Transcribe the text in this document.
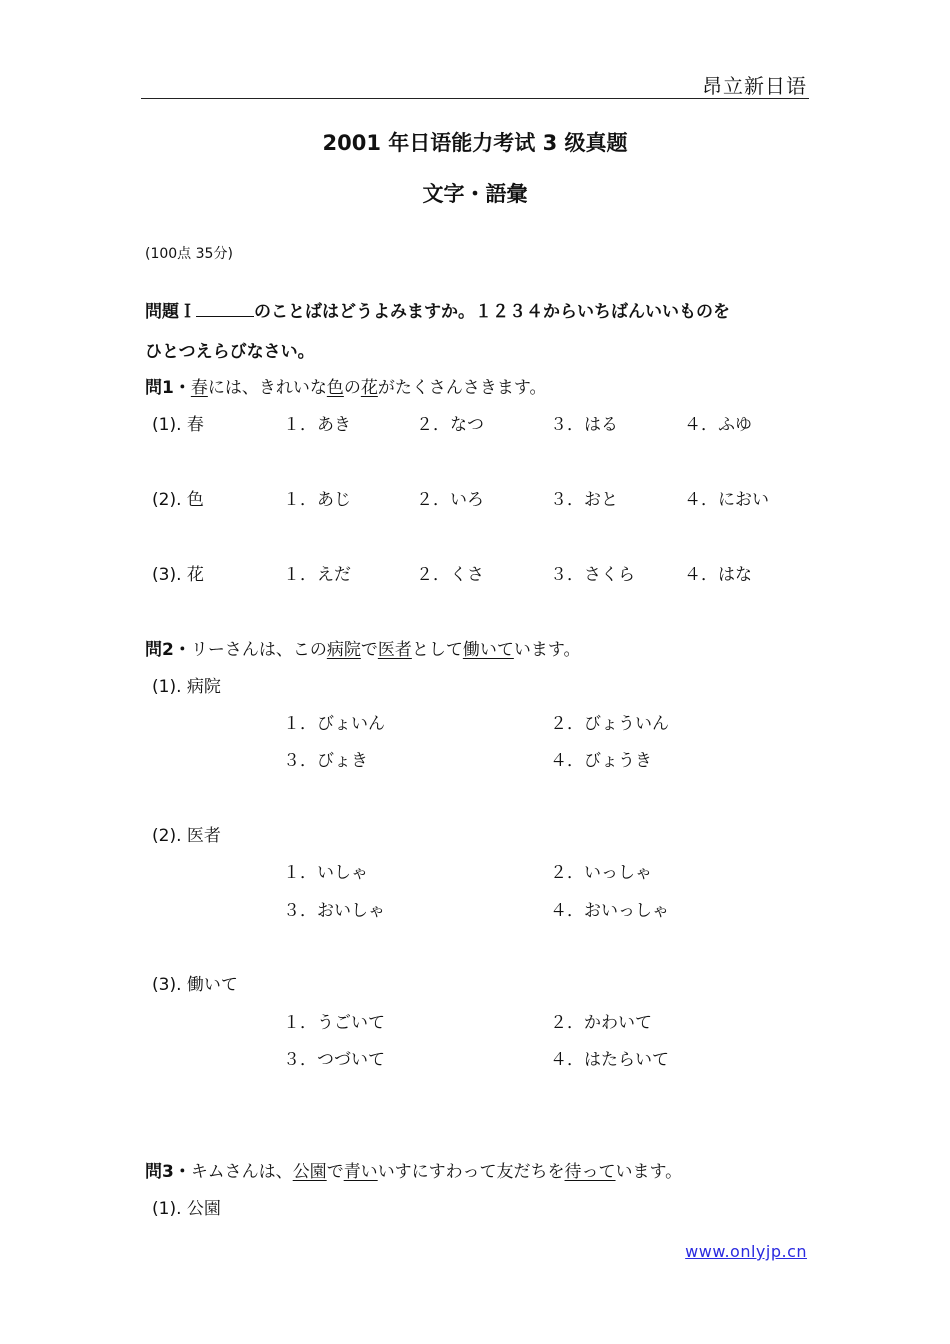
昂立新日语
2001 年日语能力考试 3 级真题
文字・語彙
(100点 35分)
問題Ｉ	のことばはどうよみますか。１２３４からいちばんいいものを
ひとつえらびなさい。
問1・春には、きれいな色の花がたくさんさきます。
(1). 春	１．あき	２．なつ	３．はる	４．ふゆ
(2). 色	１．あじ	２．いろ	３．おと	４．におい
(3). 花	１．えだ	２．くさ	３．さくら	４．はな
問2・リーさんは、この病院で医者として働いています。
(1). 病院
１．びょいん	２．びょういん
３．びょき	４．びょうき
(2). 医者
１．いしゃ	２．いっしゃ
３．おいしゃ	４．おいっしゃ
(3). 働いて
１．うごいて	２．かわいて
３．つづいて	４．はたらいて
問3・キムさんは、公園で青いいすにすわって友だちを待っています。
(1). 公園
www.onlyjp.cn
